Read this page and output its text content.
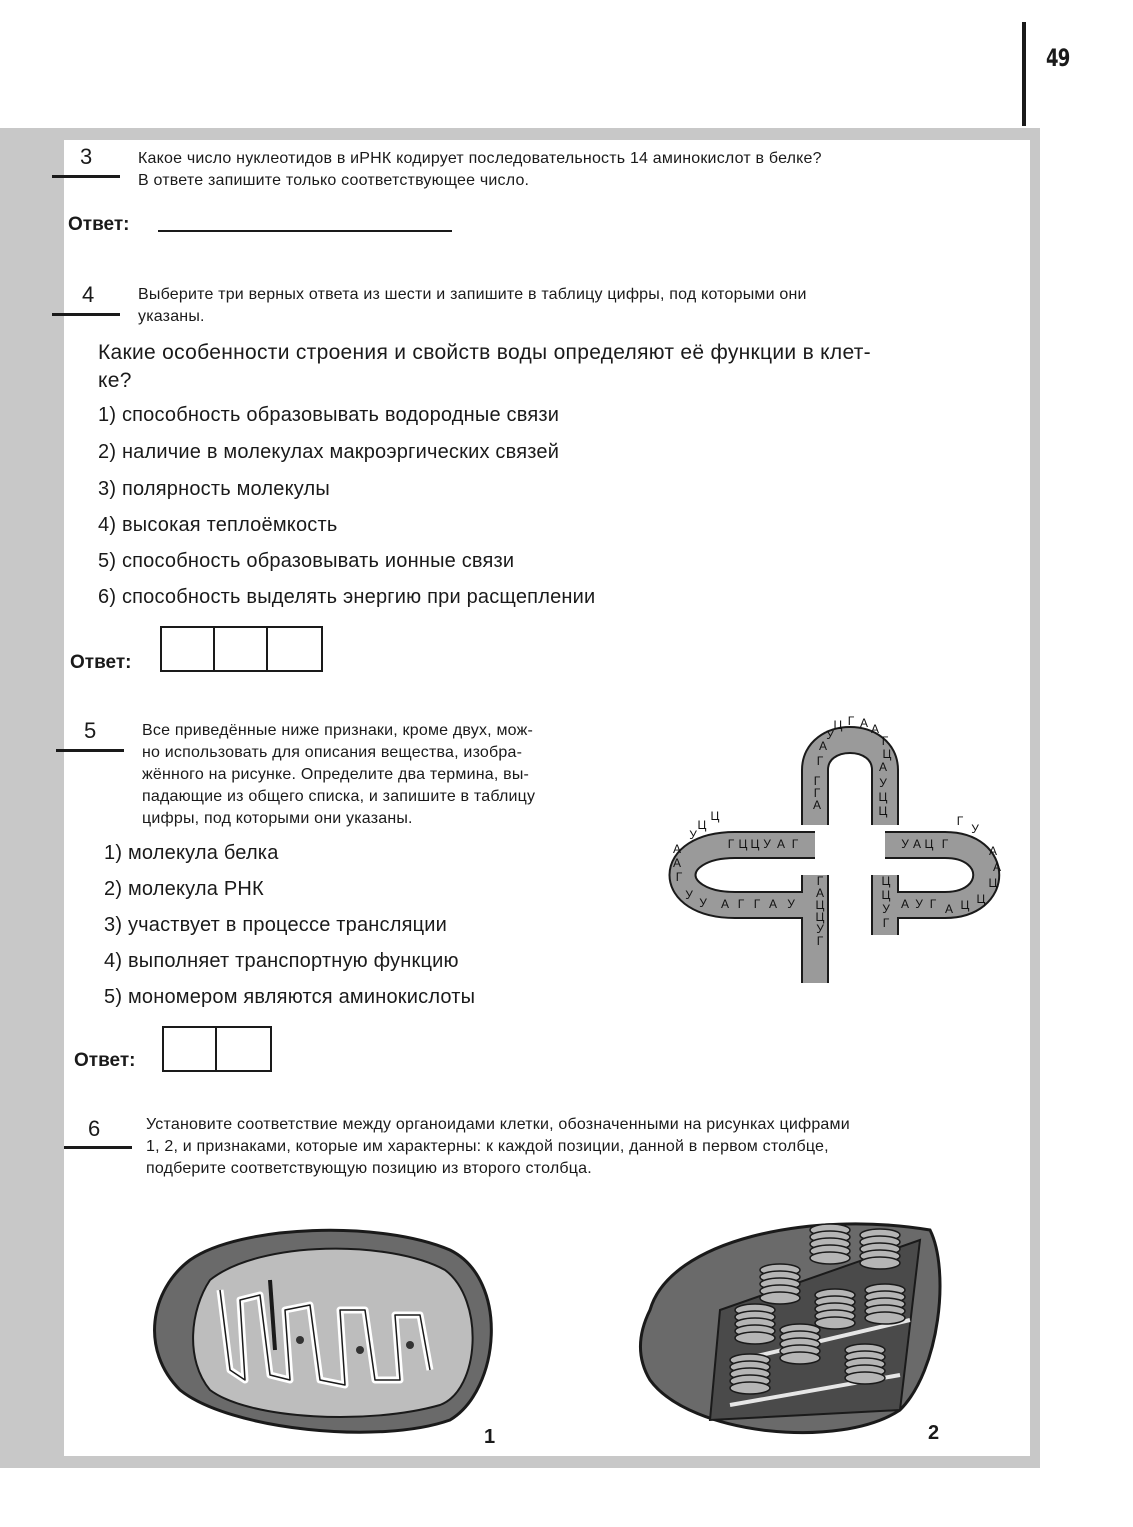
49
3	Какое число нуклеотидов в иРНК кодирует последовательность 14 аминокислот в белке?
В ответе запишите только соответствующее число.
Ответ:
4	Выберите три верных ответа из шести и запишите в таблицу цифры, под которыми они
указаны.
Какие особенности строения и свойств воды определяют её функции в клет-
ке?
1) способность образовывать водородные связи
2) наличие в молекулах макроэргических связей
3) полярность молекулы
4) высокая теплоёмкость
5) способность образовывать ионные связи
6) способность выделять энергию при расщеплении
Ответ:
5	Все приведённые ниже признаки, кроме двух, мож-
но использовать для описания вещества, изобра-
жённого на рисунке. Определите два термина, вы-
падающие из общего списка, и запишите в таблицу
цифры, под которыми они указаны.
1) молекула белка
2) молекула РНК
3) участвует в процессе трансляции
4) выполняет транспортную функцию
5) мономером являются аминокислоты
Ответ:
Г
А
У
Ц Г А А
Г
Ц
А
Г
Г
А
У
Ц
Ц
Ц
Ц
У
А
А
Г
У
У
Г Ц Ц У А Г
А Г Г А У
У А Ц Г
А У Г
Г
У
А
А
Ц
Ц
Ц
А
Г
А
Ц
Ц
У
Г
Ц
Ц
У
Г
6	Установите соответствие между органоидами клетки, обозначенными на рисунках цифрами
1, 2, и признаками, которые им характерны: к каждой позиции, данной в первом столбце,
подберите соответствующую позицию из второго столбца.
1	2
